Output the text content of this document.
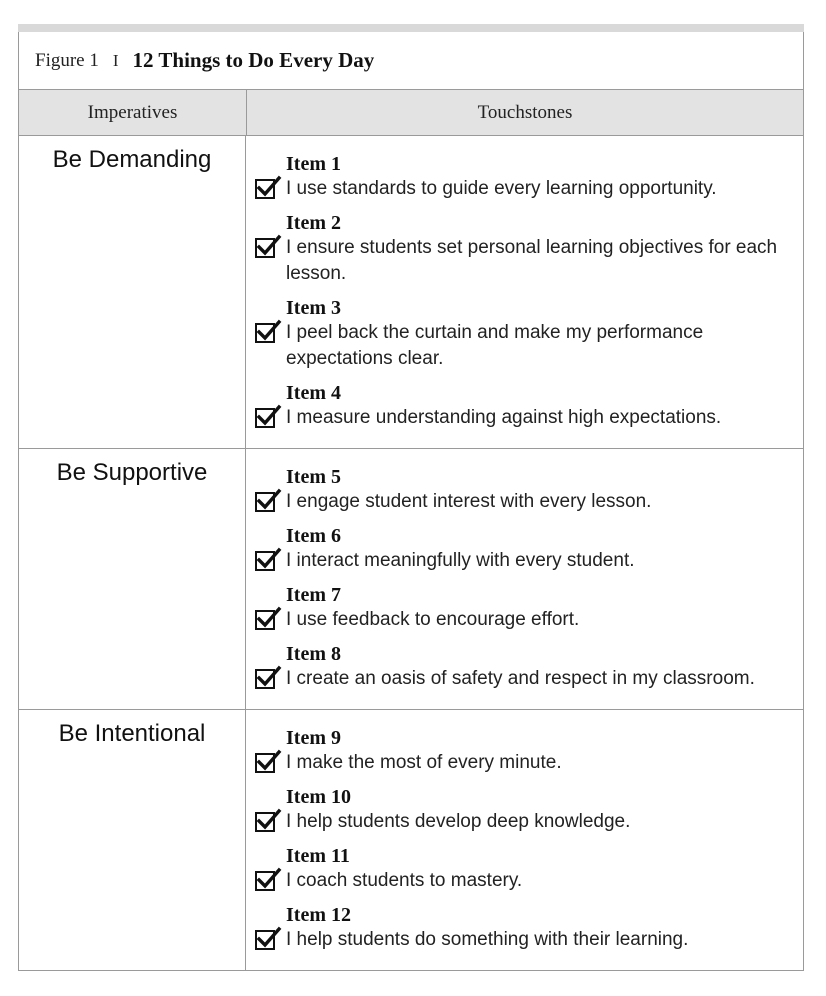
Figure 1 I 12 Things to Do Every Day
Imperatives	Touchstones
Be Demanding	Item 1
I use standards to guide every learning opportunity.
Item 2
I ensure students set personal learning objectives for each lesson.
Item 3
I peel back the curtain and make my performance expectations clear.
Item 4
I measure understanding against high expectations.
Be Supportive	Item 5
I engage student interest with every lesson.
Item 6
I interact meaningfully with every student.
Item 7
I use feedback to encourage effort.
Item 8
I create an oasis of safety and respect in my classroom.
Be Intentional	Item 9
I make the most of every minute.
Item 10
I help students develop deep knowledge.
Item 11
I coach students to mastery.
Item 12
I help students do something with their learning.
